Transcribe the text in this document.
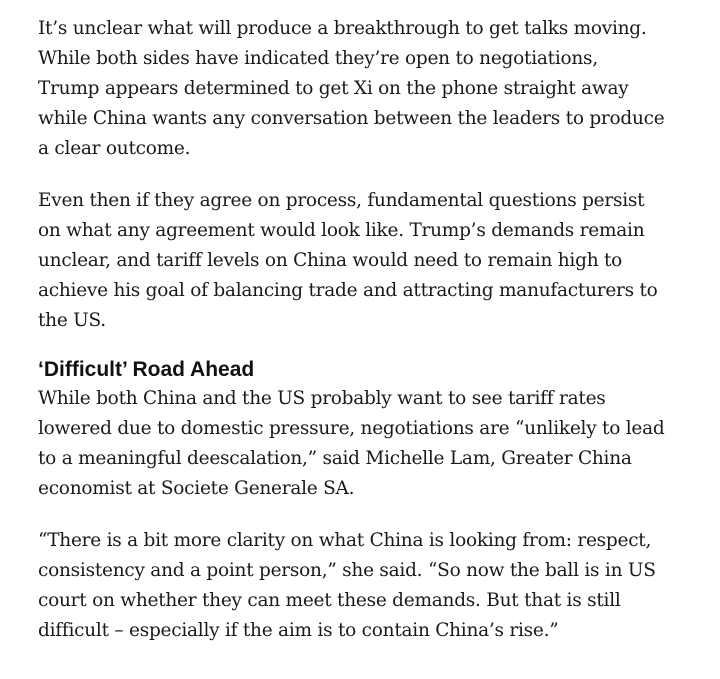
It’s unclear what will produce a breakthrough to get talks moving.
While both sides have indicated they’re open to negotiations,
Trump appears determined to get Xi on the phone straight away
while China wants any conversation between the leaders to produce
a clear outcome.

Even then if they agree on process, fundamental questions persist
on what any agreement would look like. Trump’s demands remain
unclear, and tariff levels on China would need to remain high to
achieve his goal of balancing trade and attracting manufacturers to
the US.

‘Difficult’ Road Ahead

While both China and the US probably want to see tariff rates
lowered due to domestic pressure, negotiations are “unlikely to lead
to a meaningful deescalation,” said Michelle Lam, Greater China
economist at Societe Generale SA.

“There is a bit more clarity on what China is looking from: respect,
consistency and a point person,” she said. “So now the ball is in US
court on whether they can meet these demands. But that is still
difficult – especially if the aim is to contain China’s rise.”
